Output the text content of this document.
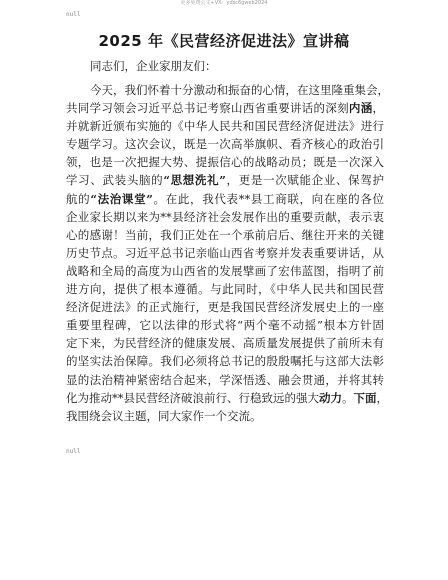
更多免费公文+VX：ydsc6gweb2024
null
2025 年《民营经济促进法》宣讲稿
同志们，企业家朋友们：
今天，我们怀着十分激动和振奋的心情，在这里隆重集会，
共同学习领会习近平总书记考察山西省重要讲话的深刻内涵，
并就新近颁布实施的《中华人民共和国民营经济促进法》进行
专题学习。这次会议，既是一次高举旗帜、看齐核心的政治引
领，也是一次把握大势、提振信心的战略动员；既是一次深入
学习、武装头脑的“思想洗礼”，更是一次赋能企业、保驾护
航的“法治课堂”。在此，我代表**县工商联，向在座的各位
企业家长期以来为**县经济社会发展作出的重要贡献，表示衷
心的感谢！当前，我们正处在一个承前启后、继往开来的关键
历史节点。习近平总书记亲临山西省考察并发表重要讲话，从
战略和全局的高度为山西省的发展擘画了宏伟蓝图，指明了前
进方向，提供了根本遵循。与此同时，《中华人民共和国民营
经济促进法》的正式施行，更是我国民营经济发展史上的一座
重要里程碑，它以法律的形式将“两个毫不动摇”根本方针固
定下来，为民营经济的健康发展、高质量发展提供了前所未有
的坚实法治保障。我们必须将总书记的殷殷嘱托与这部大法彰
显的法治精神紧密结合起来，学深悟透、融会贯通，并将其转
化为推动**县民营经济破浪前行、行稳致远的强大动力。下面，
我围绕会议主题，同大家作一个交流。
null
